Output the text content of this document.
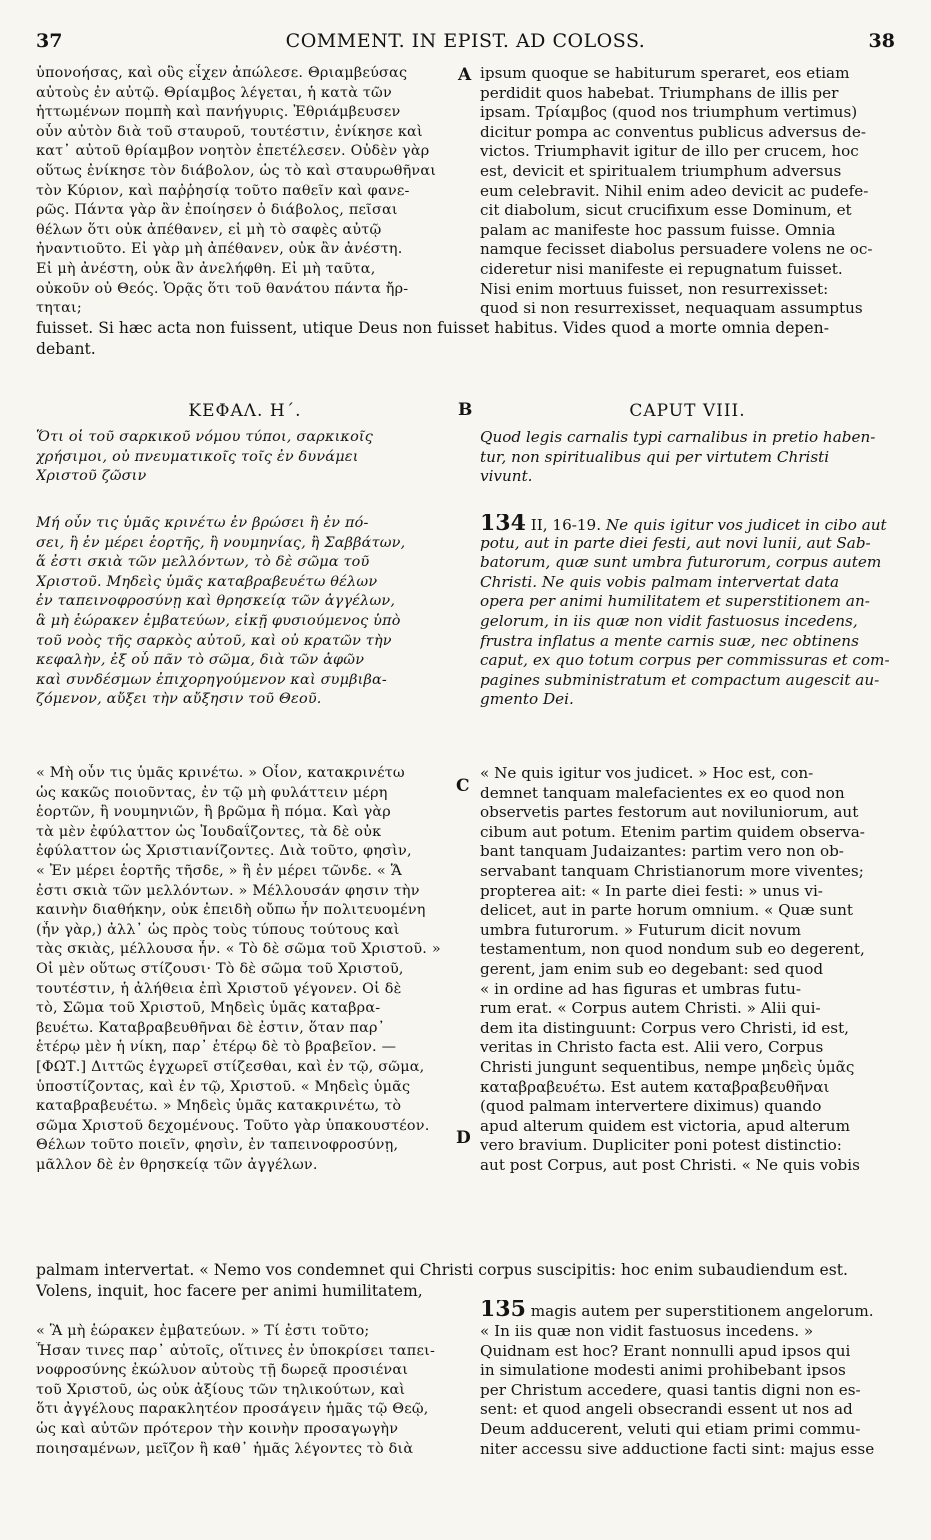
37	COMMENT. IN EPIST. AD COLOSS.	38
ὑπονοήσας, καὶ οὓς εἶχεν ἀπώλεσε. Θριαμβεύσας
αὐτοὺς ἐν αὐτῷ. Θρίαμβος λέγεται, ἡ κατὰ τῶν
ἡττωμένων πομπὴ καὶ πανήγυρις. Ἐθριάμβευσεν
οὖν αὐτὸν διὰ τοῦ σταυροῦ, τουτέστιν, ἐνίκησε καὶ
κατ᾽ αὐτοῦ θρίαμβον νοητὸν ἐπετέλεσεν. Οὐδὲν γὰρ
οὕτως ἐνίκησε τὸν διάβολον, ὡς τὸ καὶ σταυρωθῆναι
τὸν Κύριον, καὶ παῤῥησίᾳ τοῦτο παθεῖν καὶ φανε-
ρῶς. Πάντα γὰρ ἂν ἐποίησεν ὁ διάβολος, πεῖσαι
θέλων ὅτι οὐκ ἀπέθανεν, εἰ μὴ τὸ σαφὲς αὐτῷ
ἠναντιοῦτο. Εἰ γὰρ μὴ ἀπέθανεν, οὐκ ἂν ἀνέστη.
Εἰ μὴ ἀνέστη, οὐκ ἂν ἀνελήφθη. Εἰ μὴ ταῦτα,
οὐκοῦν οὐ Θεός. Ὁρᾷς ὅτι τοῦ θανάτου πάντα ἤρ-
τηται;
ipsum quoque se habiturum speraret, eos etiam
perdidit quos habebat. Triumphans de illis per
ipsam. Τρίαμβος (quod nos triumphum vertimus)
dicitur pompa ac conventus publicus adversus de-
victos. Triumphavit igitur de illo per crucem, hoc
est, devicit et spiritualem triumphum adversus
eum celebravit. Nihil enim adeo devicit ac pudefe-
cit diabolum, sicut crucifixum esse Dominum, et
palam ac manifeste hoc passum fuisse. Omnia
namque fecisset diabolus persuadere volens ne oc-
cideretur nisi manifeste ei repugnatum fuisset.
Nisi enim mortuus fuisset, non resurrexisset:
quod si non resurrexisset, nequaquam assumptus
A
fuisset. Si hæc acta non fuissent, utique Deus non fuisset habitus. Vides quod a morte omnia depen-
debant.
ΚΕΦΑΛ. Η΄.	B	CAPUT VIII.
Ὅτι οἱ τοῦ σαρκικοῦ νόμου τύποι, σαρκικοῖς
χρήσιμοι, οὐ πνευματικοῖς τοῖς ἐν δυνάμει
Χριστοῦ ζῶσιν
Quod legis carnalis typi carnalibus in pretio haben-
tur, non spiritualibus qui per virtutem Christi
vivunt.
Μή οὖν τις ὑμᾶς κρινέτω ἐν βρώσει ἢ ἐν πό-
σει, ἢ ἐν μέρει ἑορτῆς, ἢ νουμηνίας, ἢ Σαββάτων,
ἅ ἐστι σκιὰ τῶν μελλόντων, τὸ δὲ σῶμα τοῦ
Χριστοῦ. Μηδεὶς ὑμᾶς καταβραβευέτω θέλων
ἐν ταπεινοφροσύνῃ καὶ θρησκείᾳ τῶν ἀγγέλων,
ἃ μὴ ἑώρακεν ἐμβατεύων, εἰκῇ φυσιούμενος ὑπὸ
τοῦ νοὸς τῆς σαρκὸς αὐτοῦ, καὶ οὐ κρατῶν τὴν
κεφαλὴν, ἐξ οὗ πᾶν τὸ σῶμα, διὰ τῶν ἁφῶν
καὶ συνδέσμων ἐπιχορηγούμενον καὶ συμβιβα-
ζόμενον, αὔξει τὴν αὔξησιν τοῦ Θεοῦ.
134 II, 16-19. Ne quis igitur vos judicet in cibo aut
potu, aut in parte diei festi, aut novi lunii, aut Sab-
batorum, quæ sunt umbra futurorum, corpus autem
Christi. Ne quis vobis palmam intervertat data
opera per animi humilitatem et superstitionem an-
gelorum, in iis quæ non vidit fastuosus incedens,
frustra inflatus a mente carnis suæ, nec obtinens
caput, ex quo totum corpus per commissuras et com-
pagines subministratum et compactum augescit au-
gmento Dei.
« Μὴ οὖν τις ὑμᾶς κρινέτω. » Οἷον, κατακρινέτω
ὡς κακῶς ποιοῦντας, ἐν τῷ μὴ φυλάττειν μέρη
ἑορτῶν, ἢ νουμηνιῶν, ἢ βρῶμα ἢ πόμα. Καὶ γὰρ
τὰ μὲν ἐφύλαττον ὡς Ἰουδαΐζοντες, τὰ δὲ οὐκ
ἐφύλαττον ὡς Χριστιανίζοντες. Διὰ τοῦτο, φησὶν,
« Ἐν μέρει ἑορτῆς τῆσδε, » ἢ ἐν μέρει τῶνδε. « Ἅ
ἐστι σκιὰ τῶν μελλόντων. » Μέλλουσάν φησιν τὴν
καινὴν διαθήκην, οὐκ ἐπειδὴ οὔπω ἦν πολιτευομένη
(ἦν γὰρ,) ἀλλ᾽ ὡς πρὸς τοὺς τύπους τούτους καὶ
τὰς σκιὰς, μέλλουσα ἦν. « Τὸ δὲ σῶμα τοῦ Χριστοῦ. »
Οἱ μὲν οὕτως στίζουσι· Τὸ δὲ σῶμα τοῦ Χριστοῦ,
τουτέστιν, ἡ ἀλήθεια ἐπὶ Χριστοῦ γέγονεν. Οἱ δὲ
τὸ, Σῶμα τοῦ Χριστοῦ, Μηδεὶς ὑμᾶς καταβρα-
βευέτω. Καταβραβευθῆναι δὲ ἐστιν, ὅταν παρ᾽
ἑτέρῳ μὲν ἡ νίκη, παρ᾽ ἑτέρῳ δὲ τὸ βραβεῖον. —
[ΦΩΤ.] Διττῶς ἐγχωρεῖ στίζεσθαι, καὶ ἐν τῷ, σῶμα,
ὑποστίζοντας, καὶ ἐν τῷ, Χριστοῦ. « Μηδεὶς ὑμᾶς
καταβραβευέτω. » Μηδεὶς ὑμᾶς κατακρινέτω, τὸ
σῶμα Χριστοῦ δεχομένους. Τοῦτο γὰρ ὑπακουστέον.
Θέλων τοῦτο ποιεῖν, φησὶν, ἐν ταπεινοφροσύνῃ,
μᾶλλον δὲ ἐν θρησκείᾳ τῶν ἀγγέλων.
C
« Ne quis igitur vos judicet. » Hoc est, con-
demnet tanquam malefacientes ex eo quod non
observetis partes festorum aut noviluniorum, aut
cibum aut potum. Etenim partim quidem observa-
bant tanquam Judaizantes: partim vero non ob-
servabant tanquam Christianorum more viventes;
propterea ait: « In parte diei festi: » unus vi-
delicet, aut in parte horum omnium. « Quæ sunt
umbra futurorum. » Futurum dicit novum
testamentum, non quod nondum sub eo degerent,
gerent, jam enim sub eo degebant: sed quod
« in ordine ad has figuras et umbras futu-
rum erat. « Corpus autem Christi. » Alii qui-
dem ita distinguunt: Corpus vero Christi, id est,
veritas in Christo facta est. Alii vero, Corpus
Christi jungunt sequentibus, nempe μηδεὶς ὑμᾶς
καταβραβευέτω. Est autem καταβραβευθῆναι
(quod palmam intervertere diximus) quando
apud alterum quidem est victoria, apud alterum
vero bravium. Dupliciter poni potest distinctio:
aut post Corpus, aut post Christi. « Ne quis vobis
D
palmam intervertat. « Nemo vos condemnet qui Christi corpus suscipitis: hoc enim subaudiendum est.
Volens, inquit, hoc facere per animi humilitatem,
135 magis autem per superstitionem angelorum.
« Ἃ μὴ ἑώρακεν ἐμβατεύων. » Τί ἐστι τοῦτο;
Ἦσαν τινες παρ᾽ αὐτοῖς, οἵτινες ἐν ὑποκρίσει ταπει-
νοφροσύνης ἐκώλυον αὐτοὺς τῇ δωρεᾷ προσιέναι
τοῦ Χριστοῦ, ὡς οὐκ ἀξίους τῶν τηλικούτων, καὶ
ὅτι ἀγγέλους παρακλητέον προσάγειν ἡμᾶς τῷ Θεῷ,
ὡς καὶ αὐτῶν πρότερον τὴν κοινὴν προσαγωγὴν
ποιησαμένων, μεῖζον ἢ καθ᾽ ἡμᾶς λέγοντες τὸ διὰ
« In iis quæ non vidit fastuosus incedens. »
Quidnam est hoc? Erant nonnulli apud ipsos qui
in simulatione modesti animi prohibebant ipsos
per Christum accedere, quasi tantis digni non es-
sent: et quod angeli obsecrandi essent ut nos ad
Deum adducerent, veluti qui etiam primi commu-
niter accessu sive adductione facti sint: majus esse
